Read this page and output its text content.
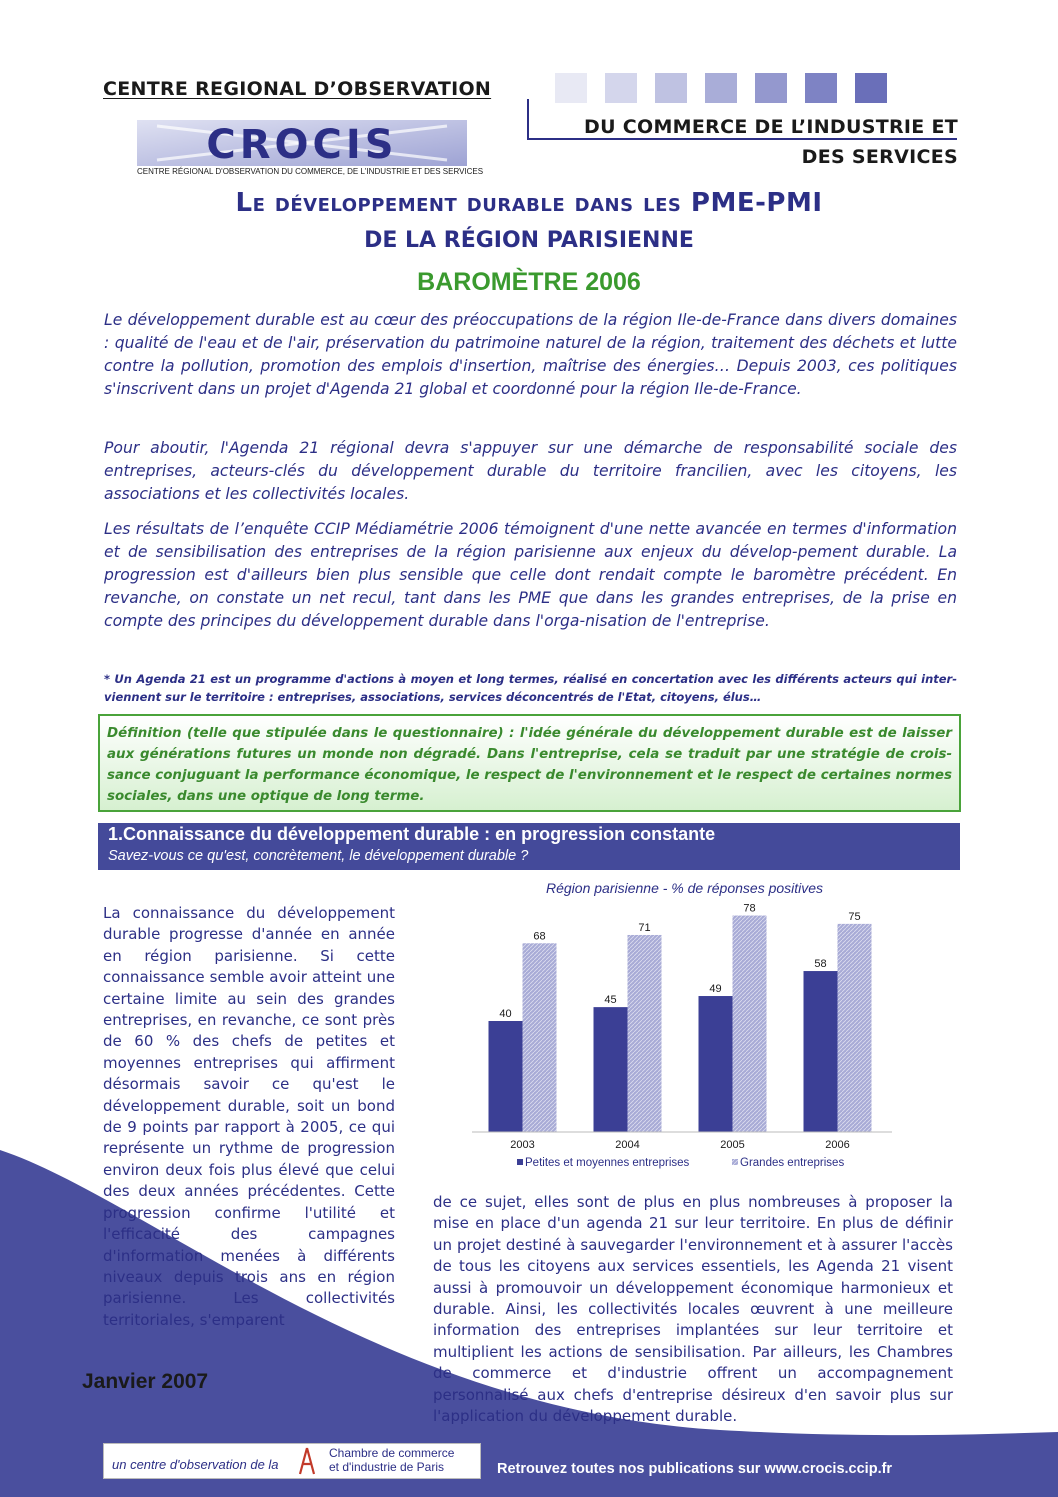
CENTRE REGIONAL D’OBSERVATION
DU COMMERCE DE L’INDUSTRIE ET
DES SERVICES
CROCIS
CENTRE RÉGIONAL D'OBSERVATION DU COMMERCE, DE L'INDUSTRIE ET DES SERVICES
Le développement durable dans les PME-PMI
DE LA RÉGION PARISIENNE
BAROMÈTRE 2006
Le développement durable est au cœur des préoccupations de la région Ile-de-France dans divers domaines : qualité de l'eau et de l'air, préservation du patrimoine naturel de la région, traitement des déchets et lutte contre la pollution, promotion des emplois d'insertion, maîtrise des énergies… Depuis 2003, ces politiques s'inscrivent dans un projet d'Agenda 21 global et coordonné pour la région Ile-de-France.
Pour aboutir, l'Agenda 21 régional devra s'appuyer sur une démarche de responsabilité sociale des entreprises, acteurs-clés du développement durable du territoire francilien, avec les citoyens, les associations et les collectivités locales.
Les résultats de l’enquête CCIP Médiamétrie 2006 témoignent d'une nette avancée en termes d'information et de sensibilisation des entreprises de la région parisienne aux enjeux du dévelop-pement durable. La progression est d'ailleurs bien plus sensible que celle dont rendait compte le baromètre précédent. En revanche, on constate un net recul, tant dans les PME que dans les grandes entreprises, de la prise en compte des principes du développement durable dans l'orga-nisation de l'entreprise.
* Un Agenda 21 est un programme d'actions à moyen et long termes, réalisé en concertation avec les différents acteurs qui inter-viennent sur le territoire : entreprises, associations, services déconcentrés de l'Etat, citoyens, élus…
Définition (telle que stipulée dans le questionnaire) : l'idée générale du développement durable est de laisser aux générations futures un monde non dégradé. Dans l'entreprise, cela se traduit par une stratégie de crois-sance conjuguant la performance économique, le respect de l'environnement et le respect de certaines normes sociales, dans une optique de long terme.
1.Connaissance du développement durable : en progression constante
Savez-vous ce qu'est, concrètement, le développement durable ?
La connaissance du développement durable progresse d'année en année en région parisienne. Si cette connaissance semble avoir atteint une certaine limite au sein des grandes entreprises, en revanche, ce sont près de 60 % des chefs de petites et moyennes entreprises qui affirment désormais savoir ce qu'est le développement durable, soit un bond de 9 points par rapport à 2005, ce qui représente un rythme de progression environ deux fois plus élevé que celui des deux années précédentes. Cette progression confirme l'utilité et l'efficacité des campagnes d'information menées à différents niveaux depuis trois ans en région parisienne. Les collectivités territoriales, s'emparent
de ce sujet, elles sont de plus en plus nombreuses à proposer la mise en place d'un agenda 21 sur leur territoire. En plus de définir un projet destiné à sauvegarder l'environnement et à assurer l'accès de tous les citoyens aux services essentiels, les Agenda 21 visent aussi à promouvoir un développement économique harmonieux et durable. Ainsi, les collectivités locales œuvrent à une meilleure information des entreprises implantées sur leur territoire et multiplient les actions de sensibilisation. Par ailleurs, les Chambres de commerce et d'industrie offrent un accompagnement personnalisé aux chefs d'entreprise désireux d'en savoir plus sur l'application du développement durable.
Région parisienne - % de réponses positives
40
68
2003
45
71
2004
49
78
2005
58
75
2006
Petites et moyennes entreprises	Grandes entreprises
Janvier 2007
un centre d'observation de la
Chambre de commerce
et d'industrie de Paris	Retrouvez toutes nos publications sur www.crocis.ccip.fr
